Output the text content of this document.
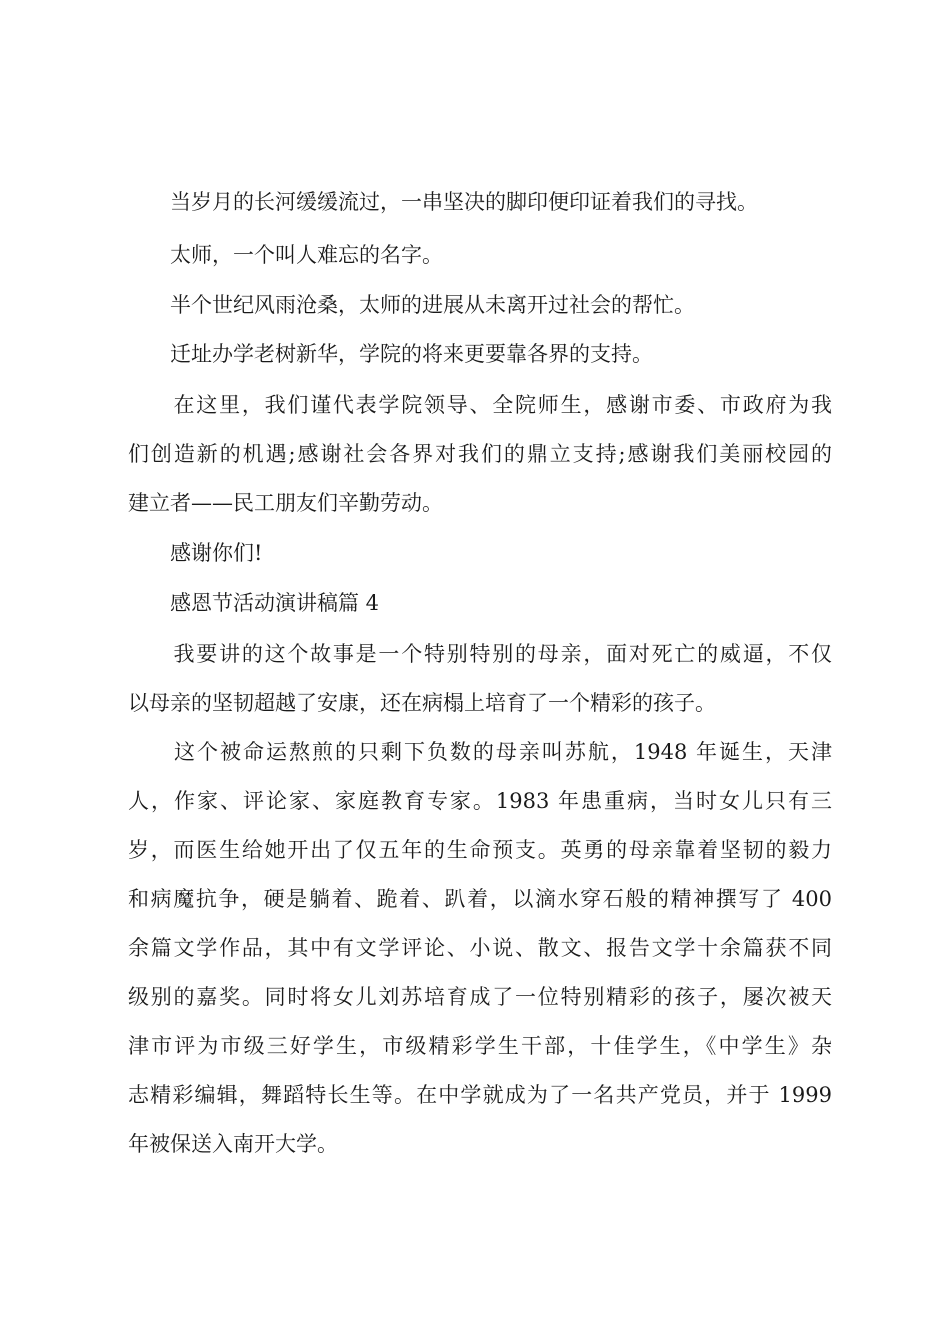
　　当岁月的长河缓缓流过，一串坚决的脚印便印证着我们的寻找。
　　太师，一个叫人难忘的名字。
　　半个世纪风雨沧桑，太师的进展从未离开过社会的帮忙。
　　迁址办学老树新华，学院的将来更要靠各界的支持。
　　在这里，我们谨代表学院领导、全院师生，感谢市委、市政府为我
们创造新的机遇;感谢社会各界对我们的鼎立支持;感谢我们美丽校园的
建立者——民工朋友们辛勤劳动。
　　感谢你们!
　　感恩节活动演讲稿篇 4
　　我要讲的这个故事是一个特别特别的母亲，面对死亡的威逼，不仅
以母亲的坚韧超越了安康，还在病榻上培育了一个精彩的孩子。
　　这个被命运熬煎的只剩下负数的母亲叫苏航，1948 年诞生，天津
人，作家、评论家、家庭教育专家。1983 年患重病，当时女儿只有三
岁，而医生给她开出了仅五年的生命预支。英勇的母亲靠着坚韧的毅力
和病魔抗争，硬是躺着、跪着、趴着，以滴水穿石般的精神撰写了 400
余篇文学作品，其中有文学评论、小说、散文、报告文学十余篇获不同
级别的嘉奖。同时将女儿刘苏培育成了一位特别精彩的孩子，屡次被天
津市评为市级三好学生，市级精彩学生干部，十佳学生，《中学生》杂
志精彩编辑，舞蹈特长生等。在中学就成为了一名共产党员，并于 1999
年被保送入南开大学。
